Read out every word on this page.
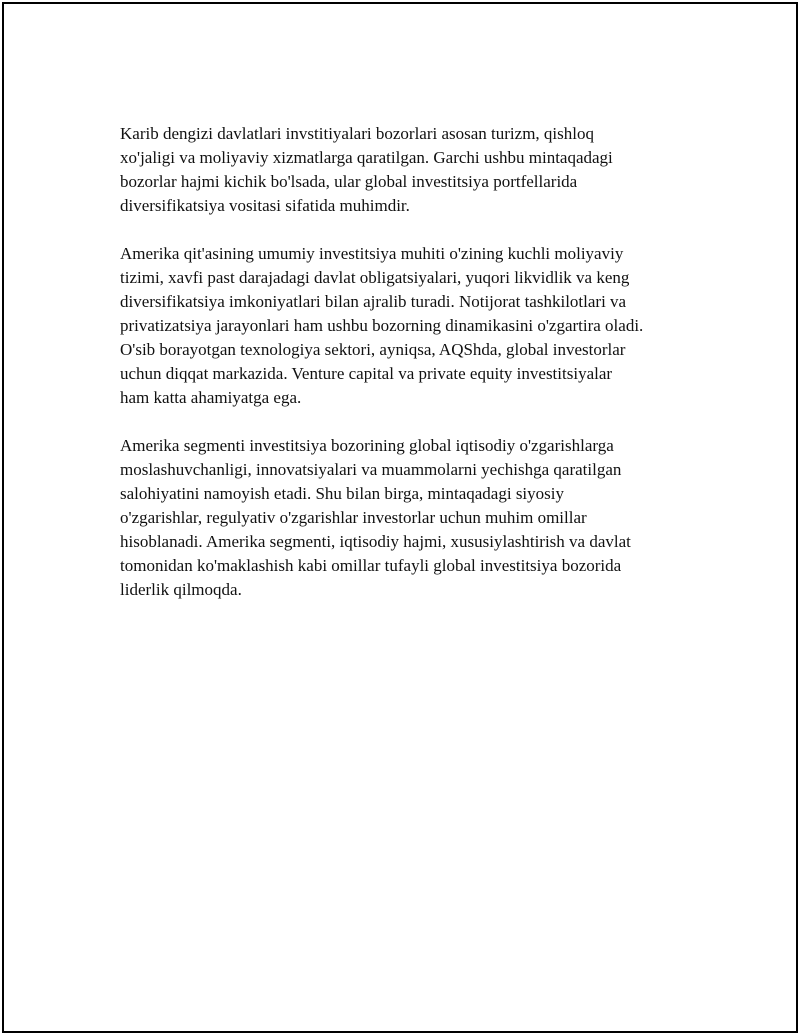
Karib dengizi davlatlari invstitiyalari bozorlari asosan turizm, qishloq
xo'jaligi va moliyaviy xizmatlarga qaratilgan. Garchi ushbu mintaqadagi
bozorlar hajmi kichik bo'lsada, ular global investitsiya portfellarida
diversifikatsiya vositasi sifatida muhimdir.

Amerika qit'asining umumiy investitsiya muhiti o'zining kuchli moliyaviy
tizimi, xavfi past darajadagi davlat obligatsiyalari, yuqori likvidlik va keng
diversifikatsiya imkoniyatlari bilan ajralib turadi. Notijorat tashkilotlari va
privatizatsiya jarayonlari ham ushbu bozorning dinamikasini o'zgartira oladi.
O'sib borayotgan texnologiya sektori, ayniqsa, AQShda, global investorlar
uchun diqqat markazida. Venture capital va private equity investitsiyalar
ham katta ahamiyatga ega.

Amerika segmenti investitsiya bozorining global iqtisodiy o'zgarishlarga
moslashuvchanligi, innovatsiyalari va muammolarni yechishga qaratilgan
salohiyatini namoyish etadi. Shu bilan birga, mintaqadagi siyosiy
o'zgarishlar, regulyativ o'zgarishlar investorlar uchun muhim omillar
hisoblanadi. Amerika segmenti, iqtisodiy hajmi, xususiylashtirish va davlat
tomonidan ko'maklashish kabi omillar tufayli global investitsiya bozorida
liderlik qilmoqda.
